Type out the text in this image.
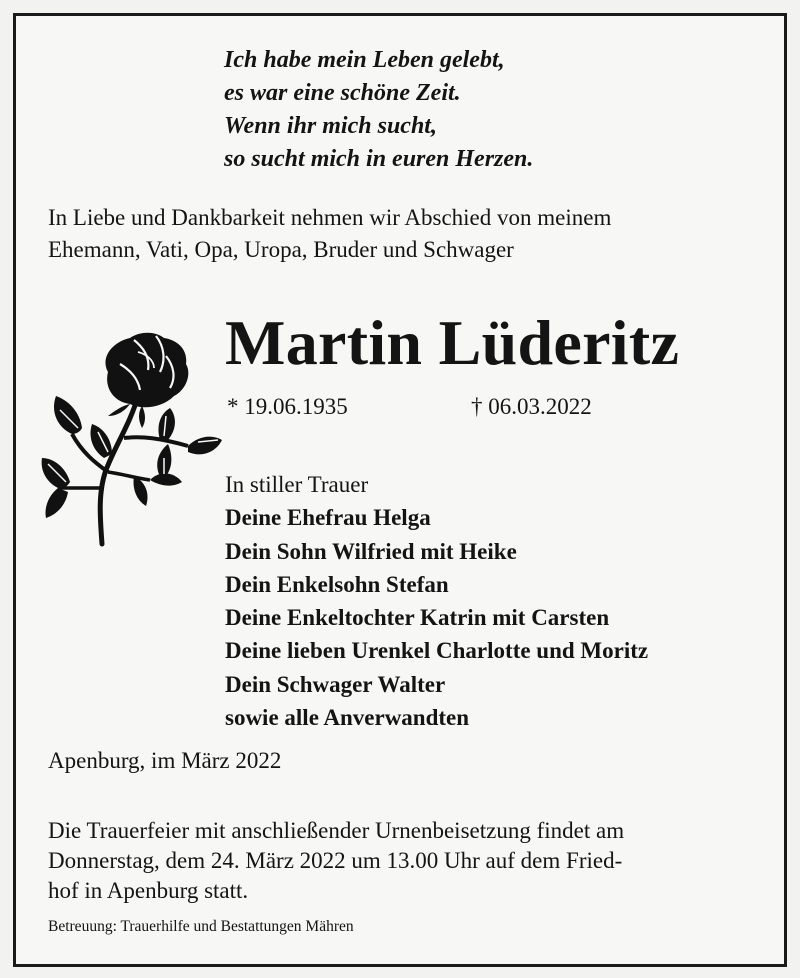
Ich habe mein Leben gelebt,
es war eine schöne Zeit.
Wenn ihr mich sucht,
so sucht mich in euren Herzen.
In Liebe und Dankbarkeit nehmen wir Abschied von meinem
Ehemann, Vati, Opa, Uropa, Bruder und Schwager
Martin Lüderitz
* 19.06.1935	† 06.03.2022
In stiller Trauer
Deine Ehefrau Helga
Dein Sohn Wilfried mit Heike
Dein Enkelsohn Stefan
Deine Enkeltochter Katrin mit Carsten
Deine lieben Urenkel Charlotte und Moritz
Dein Schwager Walter
sowie alle Anverwandten
Apenburg, im März 2022
Die Trauerfeier mit anschließender Urnenbeisetzung findet am
Donnerstag, dem 24. März 2022 um 13.00 Uhr auf dem Fried-
hof in Apenburg statt.
Betreuung: Trauerhilfe und Bestattungen Mähren
